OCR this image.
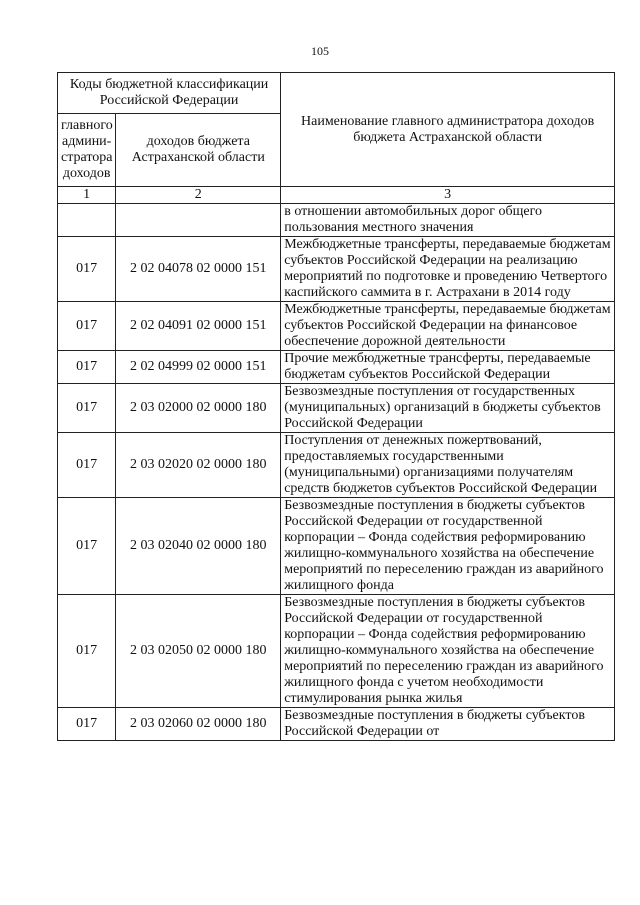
105
Коды бюджетной классификации Российской Федерации		Наименование главного администратора доходов бюджета Астраханской области
главного админи-стратора доходов	доходов бюджета Астраханской области	
1	2	3
		в отношении автомобильных дорог общего пользования местного значения
017	2 02 04078 02 0000 151	Межбюджетные трансферты, передаваемые бюджетам субъектов Российской Федерации на реализацию мероприятий по подготовке и проведению Четвертого каспийского саммита в г. Астрахани в 2014 году
017	2 02 04091 02 0000 151	Межбюджетные трансферты, передаваемые бюджетам субъектов Российской Федерации на финансовое обеспечение дорожной деятельности
017	2 02 04999 02 0000 151	Прочие межбюджетные трансферты, передаваемые бюджетам субъектов Российской Федерации
017	2 03 02000 02 0000 180	Безвозмездные поступления от государственных (муниципальных) организаций в бюджеты субъектов Российской Федерации
017	2 03 02020 02 0000 180	Поступления от денежных пожертвований, предоставляемых государственными (муниципальными) организациями получателям средств бюджетов субъектов Российской Федерации
017	2 03 02040 02 0000 180	Безвозмездные поступления в бюджеты субъектов Российской Федерации от государственной корпорации – Фонда содействия реформированию жилищно-коммунального хозяйства на обеспечение мероприятий по переселению граждан из аварийного жилищного фонда
017	2 03 02050 02 0000 180	Безвозмездные поступления в бюджеты субъектов Российской Федерации от государственной корпорации – Фонда содействия реформированию жилищно-коммунального хозяйства на обеспечение мероприятий по переселению граждан из аварийного жилищного фонда с учетом необходимости стимулирования рынка жилья
017	2 03 02060 02 0000 180	Безвозмездные поступления в бюджеты субъектов Российской Федерации от
